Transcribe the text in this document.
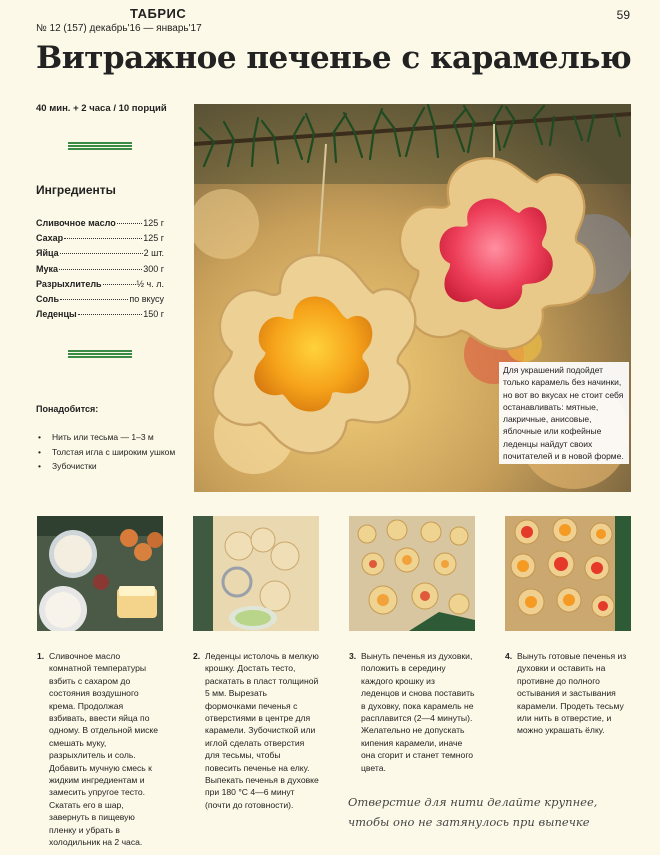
ТАБРИС
№ 12 (157) декабрь'16 — январь'17
59
Витражное печенье с карамелью
40 мин. + 2 часа / 10 порций
Ингредиенты
Сливочное масло	125 г
Сахар	125 г
Яйца	2 шт.
Мука	300 г
Разрыхлитель	½ ч. л.
Соль	по вкусу
Леденцы	150 г
Понадобится:
• Нить или тесьма — 1–3 м
• Толстая игла с широким ушком
• Зубочистки
Для украшений подойдет только карамель без начинки, но вот во вкусах не стоит себя останавливать: мятные, лакричные, анисовые, яблочные или кофейные леденцы найдут своих почитателей и в новой форме.
1. Сливочное масло комнатной температуры взбить с сахаром до состояния воздушного крема. Продолжая взбивать, ввести яйца по одному. В отдельной миске смешать муку, разрыхлитель и соль. Добавить мучную смесь к жидким ингредиентам и замесить упругое тесто. Скатать его в шар, завернуть в пищевую пленку и убрать в холодильник на 2 часа.
2. Леденцы истолочь в мелкую крошку. Достать тесто, раскатать в пласт толщиной 5 мм. Вырезать формочками печенья с отверстиями в центре для карамели. Зубочисткой или иглой сделать отверстия для тесьмы, чтобы повесить печенье на елку. Выпекать печенья в духовке при 180 °C 4—6 минут (почти до готовности).
3. Вынуть печенья из духовки, положить в середину каждого крошку из леденцов и снова поставить в духовку, пока карамель не расплавится (2—4 минуты). Желательно не допускать кипения карамели, иначе она сгорит и станет темного цвета.
4. Вынуть готовые печенья из духовки и оставить на противне до полного остывания и застывания карамели. Продеть тесьму или нить в отверстие, и можно украшать ёлку.
Отверстие для нити делайте крупнее, чтобы оно не затянулось при выпечке
